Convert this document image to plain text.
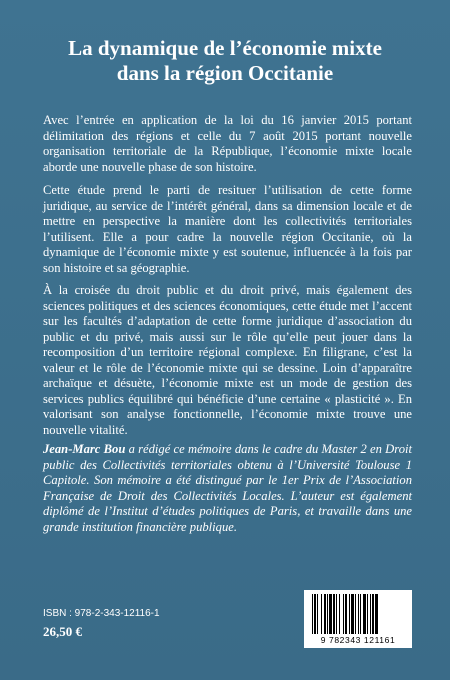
La dynamique de l’économie mixte
dans la région Occitanie

Avec l’entrée en application de la loi du 16 janvier 2015 portant délimitation des régions et celle du 7 août 2015 portant nouvelle organisation territoriale de la République, l’économie mixte locale aborde une nouvelle phase de son histoire.

Cette étude prend le parti de resituer l’utilisation de cette forme juridique, au service de l’intérêt général, dans sa dimension locale et de mettre en perspective la manière dont les collectivités territoriales l’utilisent. Elle a pour cadre la nouvelle région Occitanie, où la dynamique de l’économie mixte y est soutenue, influencée à la fois par son histoire et sa géographie.

À la croisée du droit public et du droit privé, mais également des sciences politiques et des sciences économiques, cette étude met l’accent sur les facultés d’adaptation de cette forme juridique d’association du public et du privé, mais aussi sur le rôle qu’elle peut jouer dans la recomposition d’un territoire régional complexe. En filigrane, c’est la valeur et le rôle de l’économie mixte qui se dessine. Loin d’apparaître archaïque et désuète, l’économie mixte est un mode de gestion des services publics équilibré qui bénéficie d’une certaine « plasticité ». En valorisant son analyse fonctionnelle, l’économie mixte trouve une nouvelle vitalité.

Jean-Marc Bou a rédigé ce mémoire dans le cadre du Master 2 en Droit public des Collectivités territoriales obtenu à l’Université Toulouse 1 Capitole. Son mémoire a été distingué par le 1er Prix de l’Association Française de Droit des Collectivités Locales. L’auteur est également diplômé de l’Institut d’études politiques de Paris, et travaille dans une grande institution financière publique.

ISBN : 978-2-343-12116-1
26,50 €
9 782343 121161
